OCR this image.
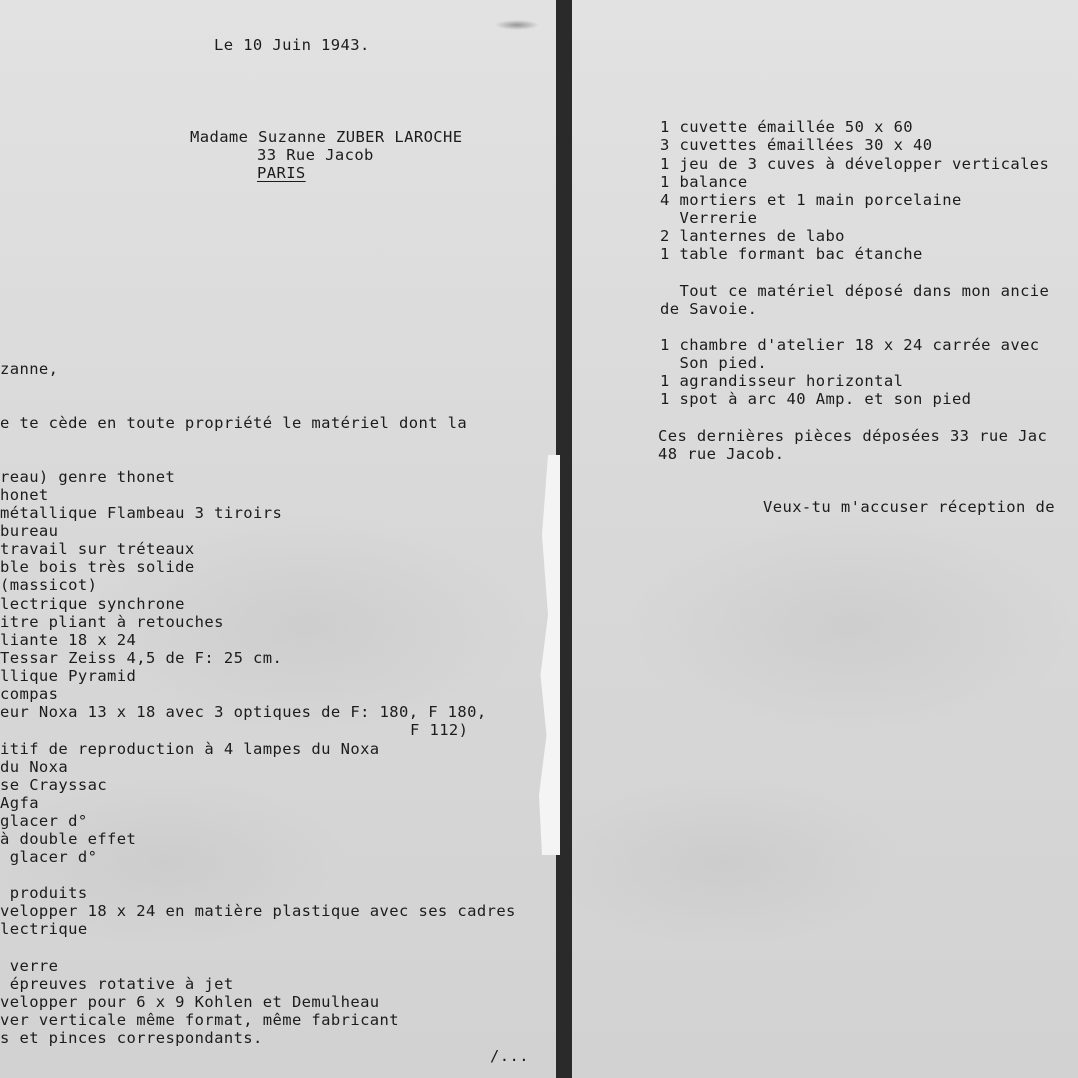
Le 10 Juin 1943.
Madame Suzanne ZUBER LAROCHE
33 Rue Jacob
PARIS
zanne,
e te cède en toute propriété le matériel dont la
reau) genre thonet
honet
métallique Flambeau 3 tiroirs
bureau
travail sur tréteaux
ble bois très solide
(massicot)
lectrique synchrone
itre pliant à retouches
liante 18 x 24
Tessar Zeiss 4,5 de F: 25 cm.
llique Pyramid
compas
eur Noxa 13 x 18 avec 3 optiques de F: 180, F 180,
F 112)
itif de reproduction à 4 lampes du Noxa
du Noxa
se Crayssac
Agfa
glacer d°
à double effet
glacer d°
produits
velopper 18 x 24 en matière plastique avec ses cadres
lectrique
verre
épreuves rotative à jet
velopper pour 6 x 9 Kohlen et Demulheau
ver verticale même format, même fabricant
s et pinces correspondants.
/...
1 cuvette émaillée 50 x 60
3 cuvettes émaillées 30 x 40
1 jeu de 3 cuves à développer verticales
1 balance
4 mortiers et 1 main porcelaine
Verrerie
2 lanternes de labo
1 table formant bac étanche
Tout ce matériel déposé dans mon ancie
de Savoie.
1 chambre d'atelier 18 x 24 carrée avec
Son pied.
1 agrandisseur horizontal
1 spot à arc 40 Amp. et son pied
Ces dernières pièces déposées 33 rue Jac
48 rue Jacob.
Veux-tu m'accuser réception de
